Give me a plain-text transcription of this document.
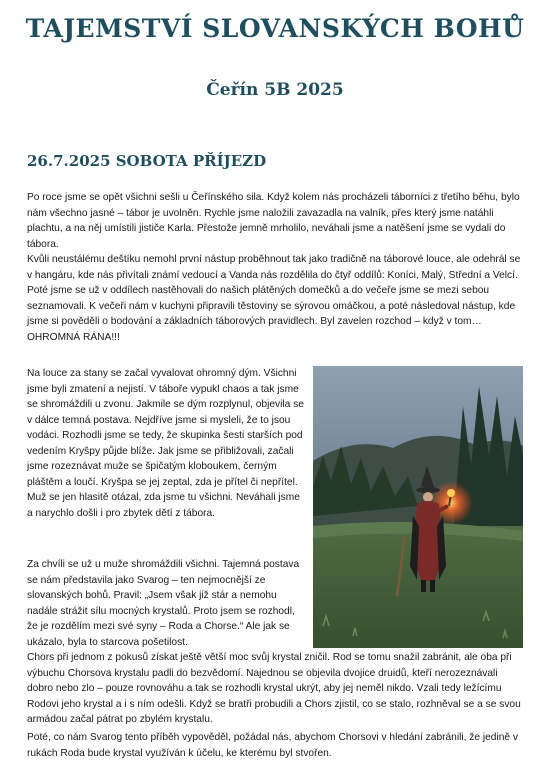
TAJEMSTVÍ SLOVANSKÝCH BOHŮ
Čeřín 5B 2025
26.7.2025 SOBOTA PŘÍJEZD

Po roce jsme se opět všichni sešli u Čeřínského sila. Když kolem nás procházeli táborníci z třetího běhu, bylo nám všechno jasné – tábor je uvolněn. Rychle jsme naložili zavazadla na valník, přes který jsme natáhli plachtu, a na něj umístili jističe Karla. Přestože jemně mrholilo, neváhali jsme a natěšení jsme se vydali do tábora.

Kvůli neustálému deštíku nemohl první nástup proběhnout tak jako tradičně na táborové louce, ale odehrál se v hangáru, kde nás přivítali známí vedoucí a Vanda nás rozdělila do čtyř oddílů: Koníci, Malý, Střední a Velcí. Poté jsme se už v oddílech nastěhovali do našich plátěných domečků a do večeře jsme se mezi sebou seznamovali. K večeři nám v kuchyni připravili těstoviny se sýrovou omáčkou, a poté následoval nástup, kde jsme si pověděli o bodování a základních táborových pravidlech. Byl zavelen rozchod – když v tom… OHROMNÁ RÁNA!!!

Na louce za stany se začal vyvalovat ohromný dým. Všichni jsme byli zmatení a nejistí. V táboře vypukl chaos a tak jsme se shromáždili u zvonu. Jakmile se dým rozplynul, objevila se v dálce temná postava. Nejdříve jsme si mysleli, že to jsou vodáci. Rozhodli jsme se tedy, že skupinka šesti starších pod vedením Kryšpy půjde blíže. Jak jsme se přibližovali, začali jsme rozeznávat muže se špičatým kloboukem, černým pláštěm a loučí. Kryšpa se jej zeptal, zda je přítel či nepřítel. Muž se jen hlasitě otázal, zda jsme tu všichni. Neváhali jsme a narychlo došli i pro zbytek dětí z tábora.

Za chvíli se už u muže shromáždili všichni. Tajemná postava se nám představila jako Svarog – ten nejmocnější ze slovanských bohů. Pravil: „Jsem však již stár a nemohu nadále strážit sílu mocných krystalů. Proto jsem se rozhodl, že je rozdělím mezi své syny – Roda a Chorse.“ Ale jak se ukázalo, byla to starcova pošetilost.

Chors při jednom z pokusů získat ještě větší moc svůj krystal zničil. Rod se tomu snažil zabránit, ale oba při výbuchu Chorsova krystalu padli do bezvědomí. Najednou se objevila dvojice druidů, kteří nerozeznávali dobro nebo zlo – pouze rovnováhu a tak se rozhodli krystal ukrýt, aby jej neměl nikdo. Vzali tedy ležícímu Rodovi jeho krystal a i s ním odešli. Když se bratři probudili a Chors zjistil, co se stalo, rozhněval se a se svou armádou začal pátrat po zbylém krystalu.

Poté, co nám Svarog tento příběh vypověděl, požádal nás, abychom Chorsovi v hledání zabránili, že jedině v rukách Roda bude krystal využíván k účelu, ke kterému byl stvořen.
